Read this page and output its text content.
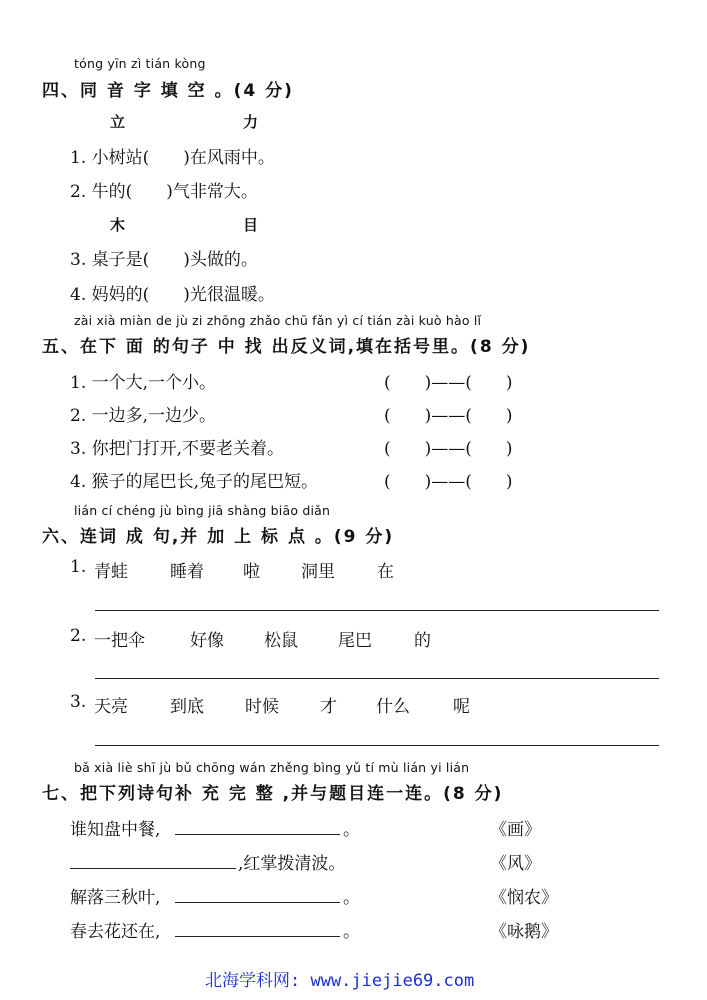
tóng yīn zì tián kòng
四、同 音 字 填 空 。(4 分)
立	力
1. 小树站(　　)在风雨中。
2. 牛的(　　)气非常大。
木	目
3. 桌子是(　　)头做的。
4. 妈妈的(　　)光很温暖。
zài xià miàn de jù zi zhōng zhǎo chū fǎn yì cí tián zài kuò hào lǐ
五、在下 面 的句子 中 找 出反义词,填在括号里。(8 分)
1. 一个大,一个小。	(　　)——(　　)
2. 一边多,一边少。	(　　)——(　　)
3. 你把门打开,不要老关着。	(　　)——(　　)
4. 猴子的尾巴长,兔子的尾巴短。	(　　)——(　　)
lián cí chéng jù bìng jiā shàng biāo diǎn
六、连词 成 句,并 加 上 标 点 。(9 分)
1. 青蛙 睡着 啦 洞里 在
2. 一把伞	好像 松鼠 尾巴 的
3. 天亮 到底 时候 才 什么	呢
bǎ xià liè shī jù bǔ chōng wán zhěng bìng yǔ tí mù lián yi lián
七、把下列诗句补 充 完 整 ,并与题目连一连。(8 分)
谁知盘中餐,	。	《画》
,红掌拨清波。	《风》
解落三秋叶,	。	《悯农》
春去花还在,	。	《咏鹅》
北海学科网: www.jiejie69.com
